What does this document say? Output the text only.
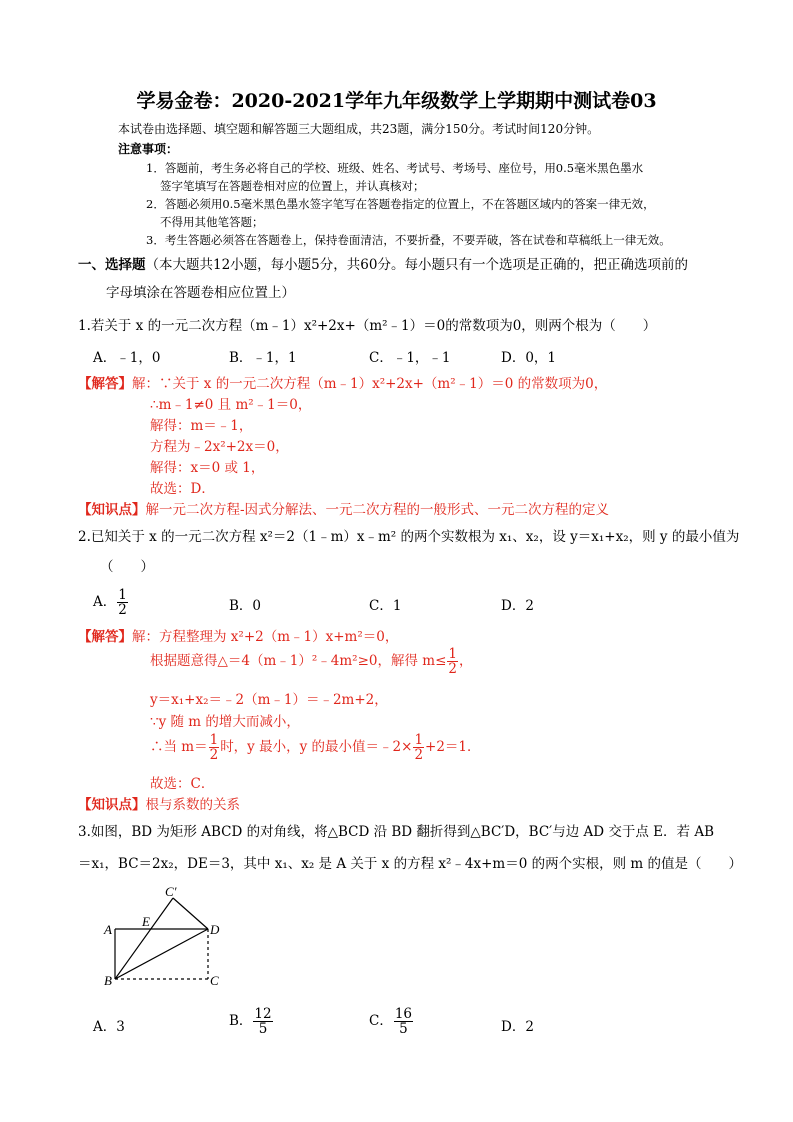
学易金卷：2020-2021学年九年级数学上学期期中测试卷03
本试卷由选择题、填空题和解答题三大题组成，共23题，满分150分。考试时间120分钟。
注意事项：
1．答题前，考生务必将自己的学校、班级、姓名、考试号、考场号、座位号，用0.5毫米黑色墨水
签字笔填写在答题卷相对应的位置上，并认真核对；
2．答题必须用0.5毫米黑色墨水签字笔写在答题卷指定的位置上，不在答题区域内的答案一律无效，
不得用其他笔答题；
3．考生答题必须答在答题卷上，保持卷面清洁，不要折叠，不要弄破，答在试卷和草稿纸上一律无效。
一、选择题（本大题共12小题，每小题5分，共60分。每小题只有一个选项是正确的，把正确选项前的
字母填涂在答题卷相应位置上）
1.若关于 x 的一元二次方程（m﹣1）x²+2x+（m²﹣1）＝0的常数项为0，则两个根为（　　）
A．﹣1，0	B．﹣1，1	C．﹣1，﹣1	D．0，1
【解答】解：∵关于 x 的一元二次方程（m﹣1）x²+2x+（m²﹣1）＝0 的常数项为0，
∴m﹣1≠0 且 m²﹣1＝0，
解得：m＝﹣1，
方程为﹣2x²+2x＝0，
解得：x＝0 或 1，
故选：D．
【知识点】解一元二次方程-因式分解法、一元二次方程的一般形式、一元二次方程的定义
2.已知关于 x 的一元二次方程 x²＝2（1﹣m）x﹣m² 的两个实数根为 x₁、x₂，设 y＝x₁+x₂，则 y 的最小值为
（　　）
A． $\frac{1}{2}$	B．0	C．1	D．2
【解答】解：方程整理为 x²+2（m﹣1）x+m²＝0，
根据题意得△＝4（m﹣1）²﹣4m²≥0，解得 $m\le \frac{1}{2}$ ，
y＝x₁+x₂＝﹣2（m﹣1）＝﹣2m+2，
∵y 随 m 的增大而减小，
∴当 $m= \frac{1}{2}$ 时，y 最小，y 的最小值＝﹣2× $\frac{1}{2} +2=1$．
故选：C．
【知识点】根与系数的关系
3.如图，BD 为矩形 ABCD 的对角线，将△BCD 沿 BD 翻折得到△BC′D，BC′与边 AD 交于点 E．若 AB
＝x₁，BC＝2x₂，DE＝3，其中 x₁、x₂ 是 A 关于 x 的方程 x²﹣4x+m＝0 的两个实根，则 m 的值是（　　）
C′
A
E
D
B	C
A．3	B． $\frac{12}{5}$	C． $\frac{16}{5}$	D．2
